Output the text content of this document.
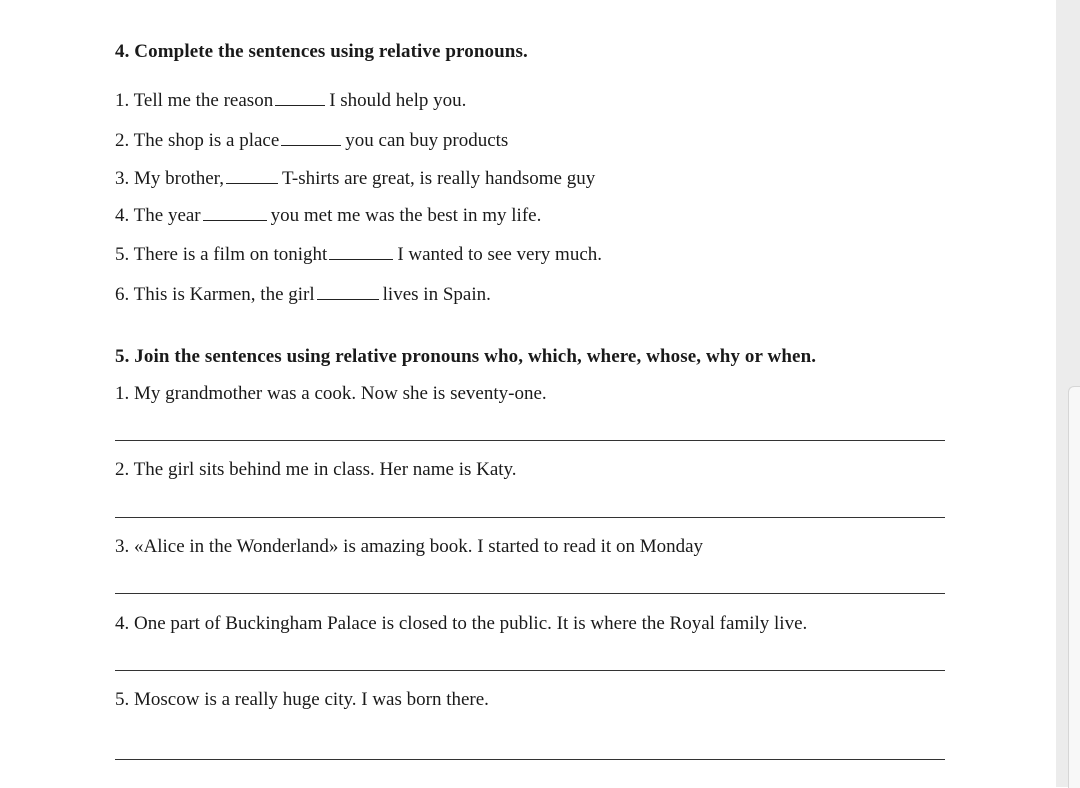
4. Complete the sentences using relative pronouns.
1. Tell me the reason	I should help you.
2. The shop is a place	you can buy products
3. My brother,	T-shirts are great, is really handsome guy
4. The year	you met me was the best in my life.
5. There is a film on tonight	I wanted to see very much.
6. This is Karmen, the girl	lives in Spain.
5. Join the sentences using relative pronouns who, which, where, whose, why or when.
1. My grandmother was a cook. Now she is seventy-one.
2. The girl sits behind me in class. Her name is Katy.
3. «Alice in the Wonderland» is amazing book. I started to read it on Monday
4. One part of Buckingham Palace is closed to the public. It is where the Royal family live.
5. Moscow is a really huge city. I was born there.
